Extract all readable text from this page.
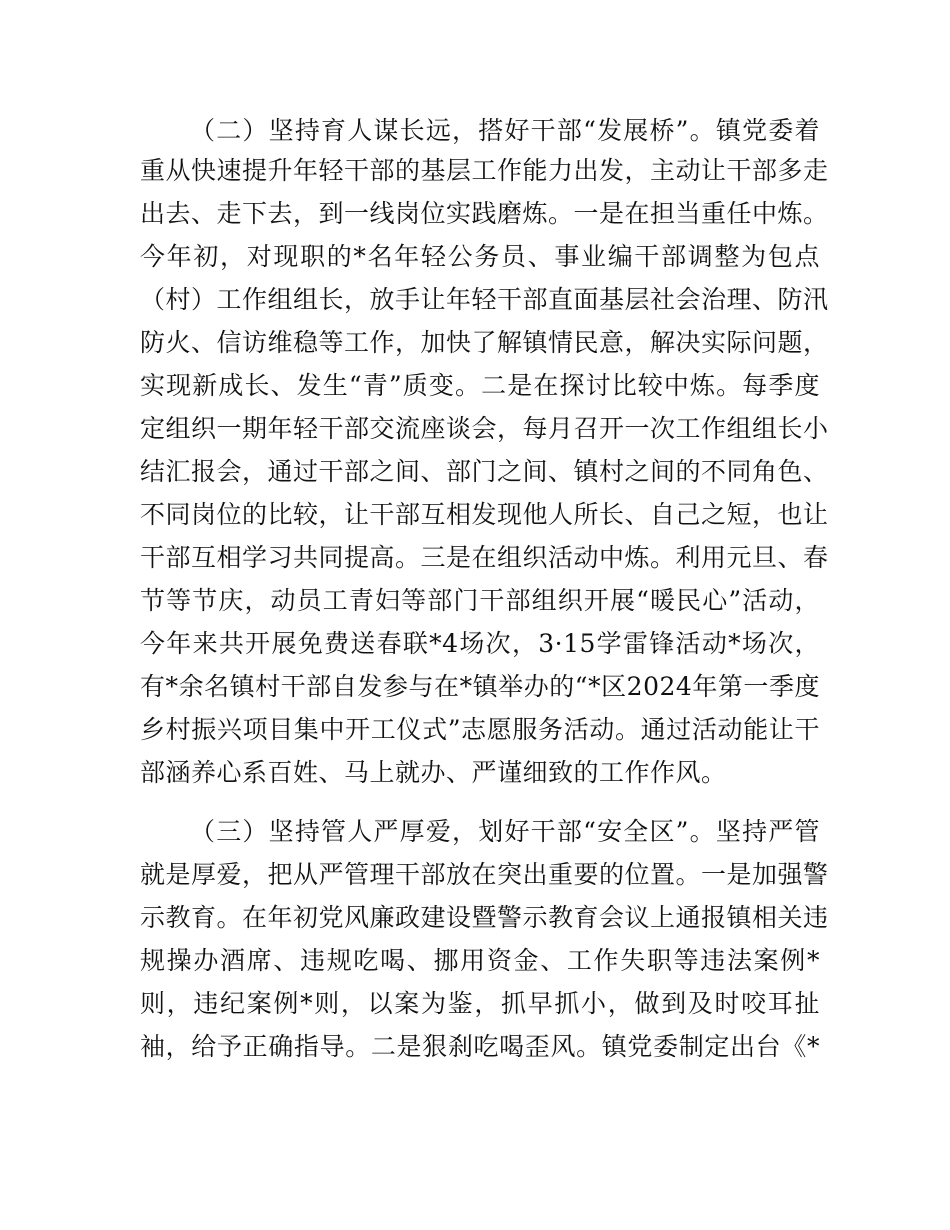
（二）坚持育人谋长远，搭好干部“发展桥”。镇党委着
重从快速提升年轻干部的基层工作能力出发，主动让干部多走
出去、走下去，到一线岗位实践磨炼。一是在担当重任中炼。
今年初，对现职的*名年轻公务员、事业编干部调整为包点
（村）工作组组长，放手让年轻干部直面基层社会治理、防汛
防火、信访维稳等工作，加快了解镇情民意，解决实际问题，
实现新成长、发生“青”质变。二是在探讨比较中炼。每季度
定组织一期年轻干部交流座谈会，每月召开一次工作组组长小
结汇报会，通过干部之间、部门之间、镇村之间的不同角色、
不同岗位的比较，让干部互相发现他人所长、自己之短，也让
干部互相学习共同提高。三是在组织活动中炼。利用元旦、春
节等节庆，动员工青妇等部门干部组织开展“暖民心”活动，
今年来共开展免费送春联*4场次，3·15学雷锋活动*场次，
有*余名镇村干部自发参与在*镇举办的“*区2024年第一季度
乡村振兴项目集中开工仪式”志愿服务活动。通过活动能让干
部涵养心系百姓、马上就办、严谨细致的工作作风。
（三）坚持管人严厚爱，划好干部“安全区”。坚持严管
就是厚爱，把从严管理干部放在突出重要的位置。一是加强警
示教育。在年初党风廉政建设暨警示教育会议上通报镇相关违
规操办酒席、违规吃喝、挪用资金、工作失职等违法案例*
则，违纪案例*则，以案为鉴，抓早抓小，做到及时咬耳扯
袖，给予正确指导。二是狠刹吃喝歪风。镇党委制定出台《*
